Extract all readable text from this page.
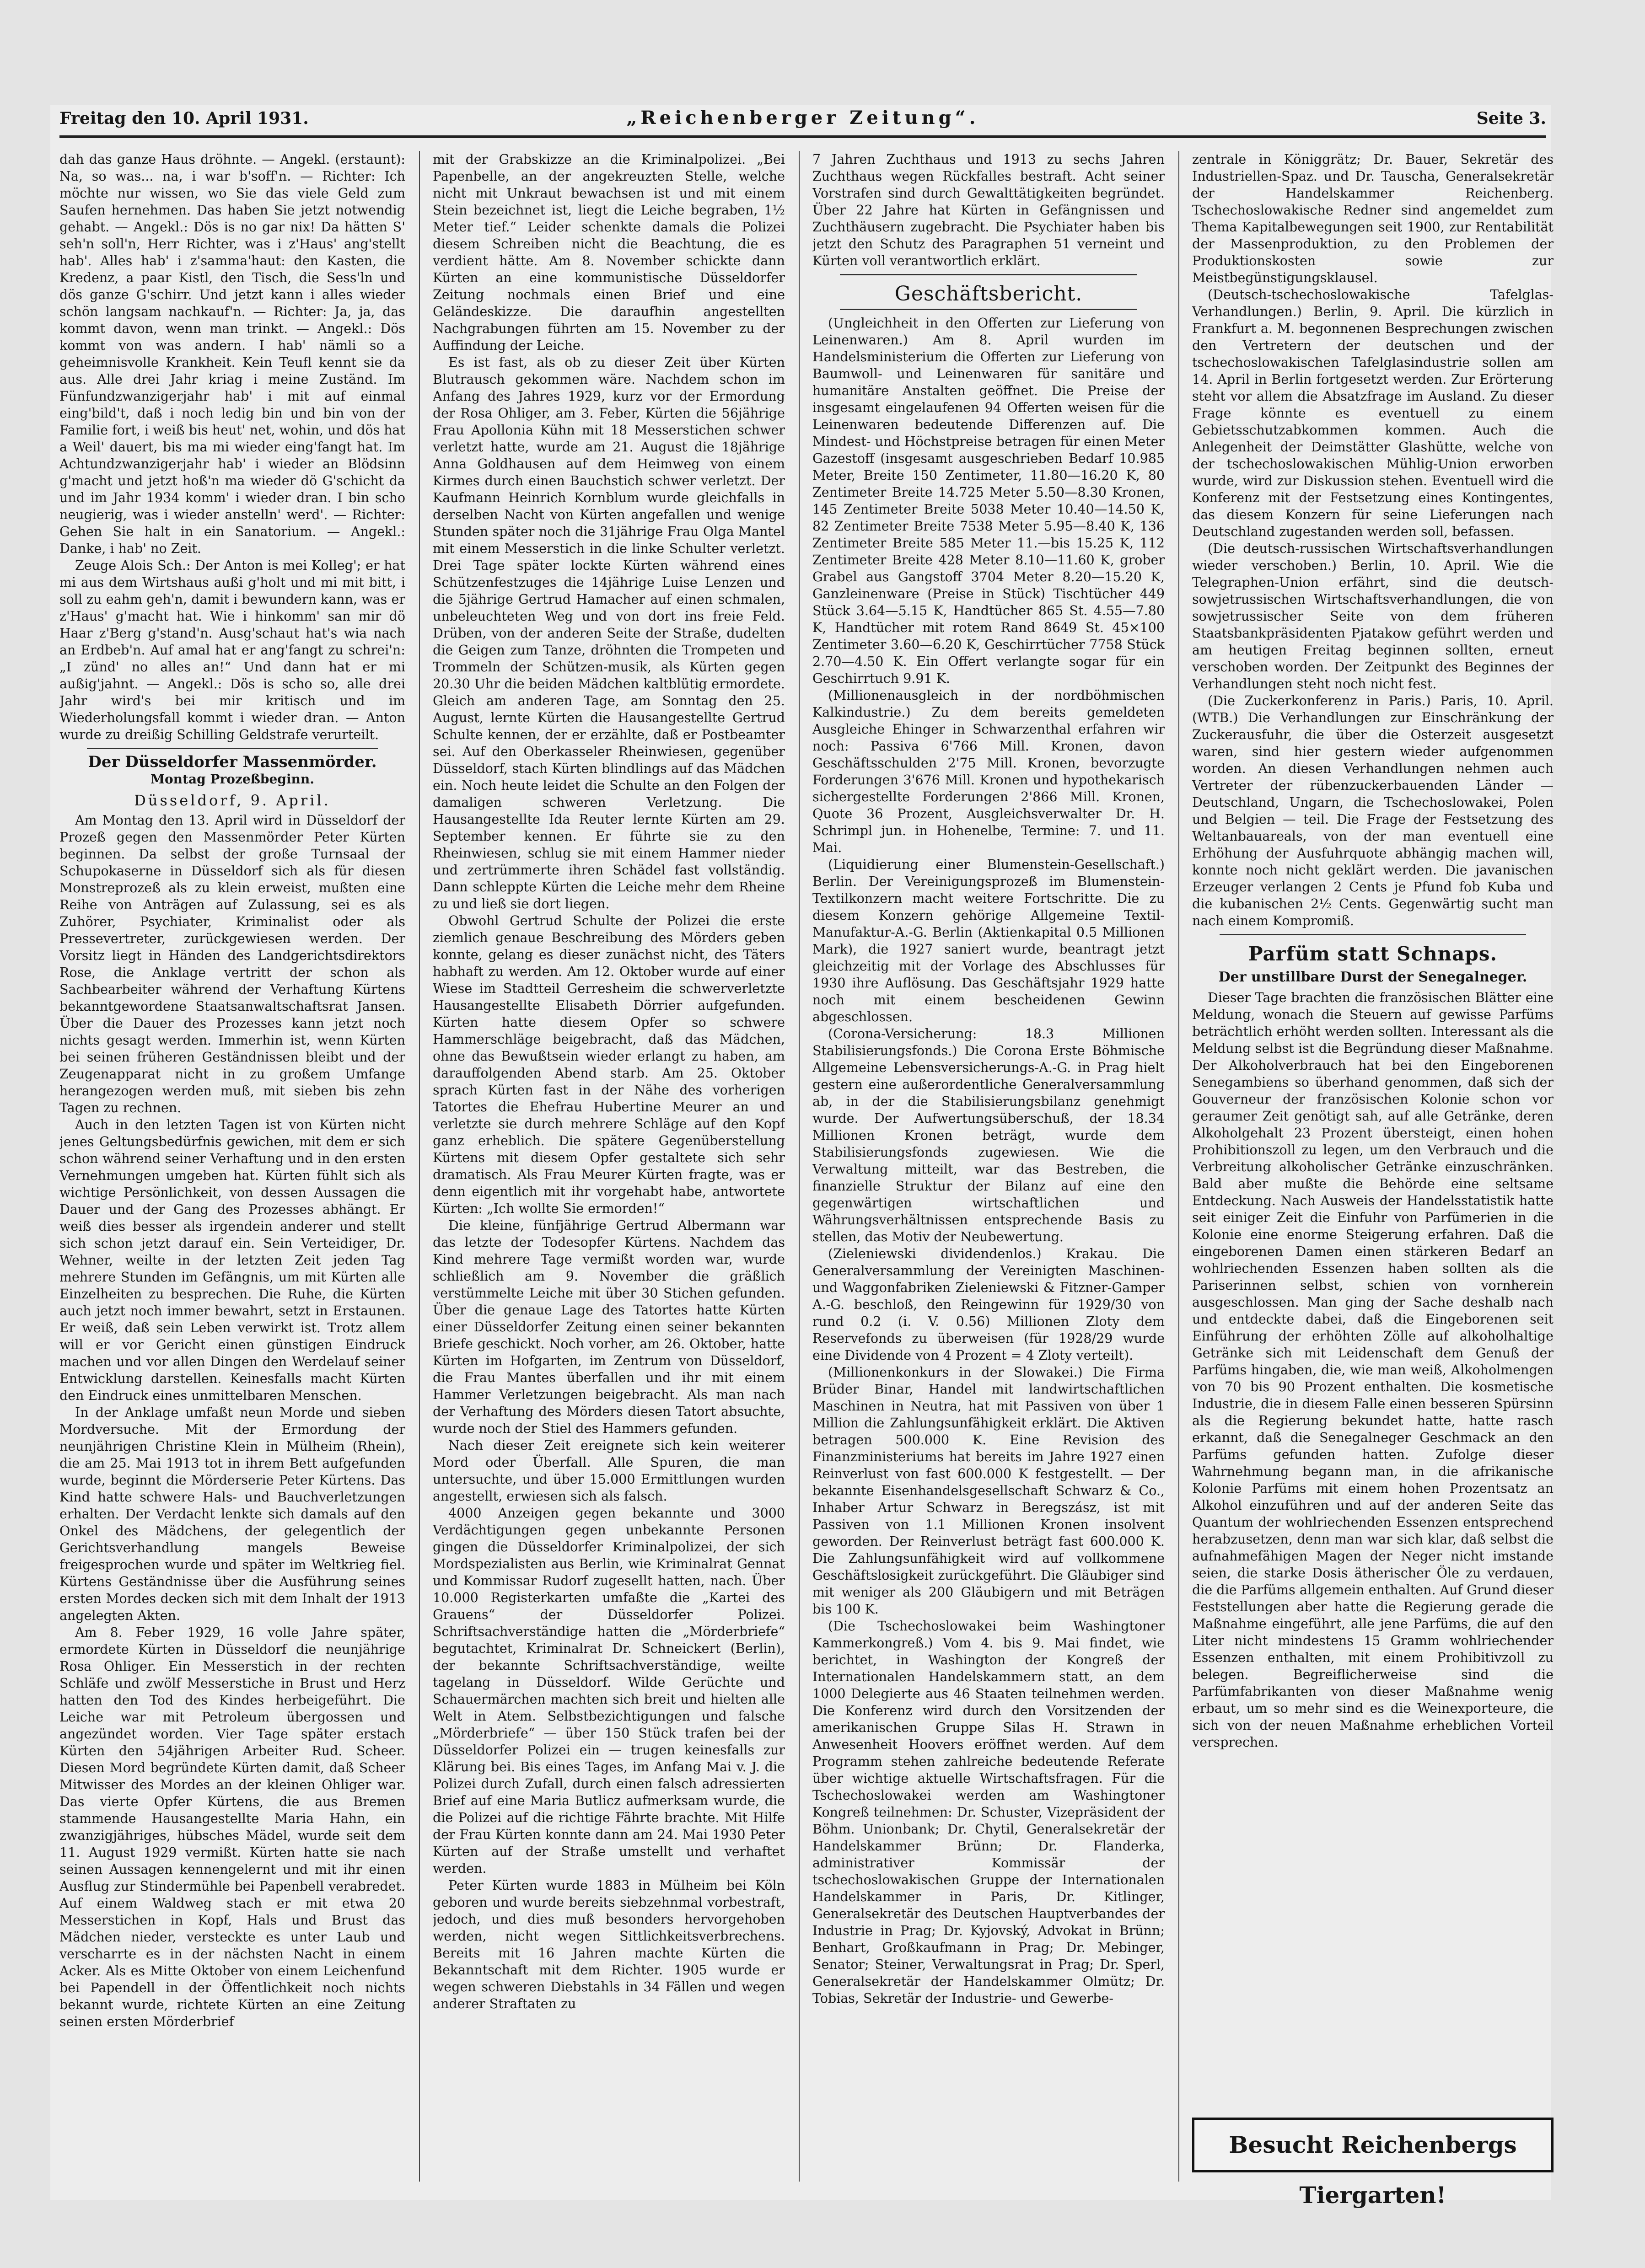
Freitag den 10. April 1931.	„Reichenberger Zeitung“.	Seite 3.

dah das ganze Haus dröhnte. — Angekl. (erstaunt): Na, so was... na, i war b'soff'n. — Richter: Ich möchte nur wissen, wo Sie das viele Geld zum Saufen hernehmen. Das haben Sie jetzt notwendig gehabt. — Angekl.: Dös is no gar nix! Da hätten S' seh'n soll'n, Herr Richter, was i z'Haus' ang'stellt hab'. Alles hab' i z'samma'haut: den Kasten, die Kredenz, a paar Kistl, den Tisch, die Sess'ln und dös ganze G'schirr. Und jetzt kann i alles wieder schön langsam nachkauf'n. — Richter: Ja, ja, das kommt davon, wenn man trinkt. — Angekl.: Dös kommt von was andern. I hab' nämli so a geheimnisvolle Krankheit. Kein Teufl kennt sie da aus. Alle drei Jahr kriag i meine Zuständ. Im Fünfundzwanzigerjahr hab' i mit auf einmal eing'bild't, daß i noch ledig bin und bin von der Familie fort, i weiß bis heut' net, wohin, und dös hat a Weil' dauert, bis ma mi wieder eing'fangt hat. Im Achtundzwanzigerjahr hab' i wieder an Blödsinn g'macht und jetzt hoß'n ma wieder dö G'schicht da und im Jahr 1934 komm' i wieder dran. I bin scho neugierig, was i wieder anstelln' werd'. — Richter: Gehen Sie halt in ein Sanatorium. — Angekl.: Danke, i hab' no Zeit.

Zeuge Alois Sch.: Der Anton is mei Kolleg'; er hat mi aus dem Wirtshaus außi g'holt und mi mit bitt, i soll zu eahm geh'n, damit i bewundern kann, was er z'Haus' g'macht hat. Wie i hinkomm' san mir dö Haar z'Berg g'stand'n. Ausg'schaut hat's wia nach an Erdbeb'n. Auf amal hat er ang'fangt zu schrei'n: „I zünd' no alles an!“ Und dann hat er mi außig'jahnt. — Angekl.: Dös is scho so, alle drei Jahr wird's bei mir kritisch und im Wiederholungsfall kommt i wieder dran. — Anton wurde zu dreißig Schilling Geldstrafe verurteilt.

Der Düsseldorfer Massenmörder.

Montag Prozeßbeginn.
Düsseldorf, 9. April.

Am Montag den 13. April wird in Düsseldorf der Prozeß gegen den Massenmörder Peter Kürten beginnen. Da selbst der große Turnsaal der Schupokaserne in Düsseldorf sich als für diesen Monstreprozeß als zu klein erweist, mußten eine Reihe von Anträgen auf Zulassung, sei es als Zuhörer, Psychiater, Kriminalist oder als Pressevertreter, zurückgewiesen werden. Der Vorsitz liegt in Händen des Landgerichtsdirektors Rose, die Anklage vertritt der schon als Sachbearbeiter während der Verhaftung Kürtens bekanntgewordene Staatsanwaltschaftsrat Jansen. Über die Dauer des Prozesses kann jetzt noch nichts gesagt werden. Immerhin ist, wenn Kürten bei seinen früheren Geständnissen bleibt und der Zeugenapparat nicht in zu großem Umfange herangezogen werden muß, mit sieben bis zehn Tagen zu rechnen.

Auch in den letzten Tagen ist von Kürten nicht jenes Geltungsbedürfnis gewichen, mit dem er sich schon während seiner Verhaftung und in den ersten Vernehmungen umgeben hat. Kürten fühlt sich als wichtige Persönlichkeit, von dessen Aussagen die Dauer und der Gang des Prozesses abhängt. Er weiß dies besser als irgendein anderer und stellt sich schon jetzt darauf ein. Sein Verteidiger, Dr. Wehner, weilte in der letzten Zeit jeden Tag mehrere Stunden im Gefängnis, um mit Kürten alle Einzelheiten zu besprechen. Die Ruhe, die Kürten auch jetzt noch immer bewahrt, setzt in Erstaunen. Er weiß, daß sein Leben verwirkt ist. Trotz allem will er vor Gericht einen günstigen Eindruck machen und vor allen Dingen den Werdelauf seiner Entwicklung darstellen. Keinesfalls macht Kürten den Eindruck eines unmittelbaren Menschen.

In der Anklage umfaßt neun Morde und sieben Mordversuche. Mit der Ermordung der neunjährigen Christine Klein in Mülheim (Rhein), die am 25. Mai 1913 tot in ihrem Bett aufgefunden wurde, beginnt die Mörderserie Peter Kürtens. Das Kind hatte schwere Hals- und Bauchverletzungen erhalten. Der Verdacht lenkte sich damals auf den Onkel des Mädchens, der gelegentlich der Gerichtsverhandlung mangels Beweise freigesprochen wurde und später im Weltkrieg fiel. Kürtens Geständnisse über die Ausführung seines ersten Mordes decken sich mit dem Inhalt der 1913 angelegten Akten.

Am 8. Feber 1929, 16 volle Jahre später, ermordete Kürten in Düsseldorf die neunjährige Rosa Ohliger. Ein Messerstich in der rechten Schläfe und zwölf Messerstiche in Brust und Herz hatten den Tod des Kindes herbeigeführt. Die Leiche war mit Petroleum übergossen und angezündet worden. Vier Tage später erstach Kürten den 54jährigen Arbeiter Rud. Scheer. Diesen Mord begründete Kürten damit, daß Scheer Mitwisser des Mordes an der kleinen Ohliger war. Das vierte Opfer Kürtens, die aus Bremen stammende Hausangestellte Maria Hahn, ein zwanzigjähriges, hübsches Mädel, wurde seit dem 11. August 1929 vermißt. Kürten hatte sie nach seinen Aussagen kennengelernt und mit ihr einen Ausflug zur Stindermühle bei Papenbell verabredet. Auf einem Waldweg stach er mit etwa 20 Messerstichen in Kopf, Hals und Brust das Mädchen nieder, versteckte es unter Laub und verscharrte es in der nächsten Nacht in einem Acker. Als es Mitte Oktober von einem Leichenfund bei Papendell in der Öffentlichkeit noch nichts bekannt wurde, richtete Kürten an eine Zeitung seinen ersten Mörderbrief

mit der Grabskizze an die Kriminalpolizei. „Bei Papenbelle, an der angekreuzten Stelle, welche nicht mit Unkraut bewachsen ist und mit einem Stein bezeichnet ist, liegt die Leiche begraben, 1½ Meter tief.“ Leider schenkte damals die Polizei diesem Schreiben nicht die Beachtung, die es verdient hätte. Am 8. November schickte dann Kürten an eine kommunistische Düsseldorfer Zeitung nochmals einen Brief und eine Geländeskizze. Die daraufhin angestellten Nachgrabungen führten am 15. November zu der Auffindung der Leiche.

Es ist fast, als ob zu dieser Zeit über Kürten Blutrausch gekommen wäre. Nachdem schon im Anfang des Jahres 1929, kurz vor der Ermordung der Rosa Ohliger, am 3. Feber, Kürten die 56jährige Frau Apollonia Kühn mit 18 Messerstichen schwer verletzt hatte, wurde am 21. August die 18jährige Anna Goldhausen auf dem Heimweg von einem Kirmes durch einen Bauchstich schwer verletzt. Der Kaufmann Heinrich Kornblum wurde gleichfalls in derselben Nacht von Kürten angefallen und wenige Stunden später noch die 31jährige Frau Olga Mantel mit einem Messerstich in die linke Schulter verletzt. Drei Tage später lockte Kürten während eines Schützenfestzuges die 14jährige Luise Lenzen und die 5jährige Gertrud Hamacher auf einen schmalen, unbeleuchteten Weg und von dort ins freie Feld. Drüben, von der anderen Seite der Straße, dudelten die Geigen zum Tanze, dröhnten die Trompeten und Trommeln der Schützen-musik, als Kürten gegen 20.30 Uhr die beiden Mädchen kaltblütig ermordete. Gleich am anderen Tage, am Sonntag den 25. August, lernte Kürten die Hausangestellte Gertrud Schulte kennen, der er erzählte, daß er Postbeamter sei. Auf den Oberkasseler Rheinwiesen, gegenüber Düsseldorf, stach Kürten blindlings auf das Mädchen ein. Noch heute leidet die Schulte an den Folgen der damaligen schweren Verletzung. Die Hausangestellte Ida Reuter lernte Kürten am 29. September kennen. Er führte sie zu den Rheinwiesen, schlug sie mit einem Hammer nieder und zertrümmerte ihren Schädel fast vollständig. Dann schleppte Kürten die Leiche mehr dem Rheine zu und ließ sie dort liegen.

Obwohl Gertrud Schulte der Polizei die erste ziemlich genaue Beschreibung des Mörders geben konnte, gelang es dieser zunächst nicht, des Täters habhaft zu werden. Am 12. Oktober wurde auf einer Wiese im Stadtteil Gerresheim die schwerverletzte Hausangestellte Elisabeth Dörrier aufgefunden. Kürten hatte diesem Opfer so schwere Hammerschläge beigebracht, daß das Mädchen, ohne das Bewußtsein wieder erlangt zu haben, am darauffolgenden Abend starb. Am 25. Oktober sprach Kürten fast in der Nähe des vorherigen Tatortes die Ehefrau Hubertine Meurer an und verletzte sie durch mehrere Schläge auf den Kopf ganz erheblich. Die spätere Gegenüberstellung Kürtens mit diesem Opfer gestaltete sich sehr dramatisch. Als Frau Meurer Kürten fragte, was er denn eigentlich mit ihr vorgehabt habe, antwortete Kürten: „Ich wollte Sie ermorden!“

Die kleine, fünfjährige Gertrud Albermann war das letzte der Todesopfer Kürtens. Nachdem das Kind mehrere Tage vermißt worden war, wurde schließlich am 9. November die gräßlich verstümmelte Leiche mit über 30 Stichen gefunden. Über die genaue Lage des Tatortes hatte Kürten einer Düsseldorfer Zeitung einen seiner bekannten Briefe geschickt. Noch vorher, am 26. Oktober, hatte Kürten im Hofgarten, im Zentrum von Düsseldorf, die Frau Mantes überfallen und ihr mit einem Hammer Verletzungen beigebracht. Als man nach der Verhaftung des Mörders diesen Tatort absuchte, wurde noch der Stiel des Hammers gefunden.

Nach dieser Zeit ereignete sich kein weiterer Mord oder Überfall. Alle Spuren, die man untersuchte, und über 15.000 Ermittlungen wurden angestellt, erwiesen sich als falsch.

4000 Anzeigen gegen bekannte und 3000 Verdächtigungen gegen unbekannte Personen gingen die Düsseldorfer Kriminalpolizei, der sich Mordspezialisten aus Berlin, wie Kriminalrat Gennat und Kommissar Rudorf zugesellt hatten, nach. Über 10.000 Registerkarten umfaßte die „Kartei des Grauens“ der Düsseldorfer Polizei. Schriftsachverständige hatten die „Mörderbriefe“ begutachtet, Kriminalrat Dr. Schneickert (Berlin), der bekannte Schriftsachverständige, weilte tagelang in Düsseldorf. Wilde Gerüchte und Schauermärchen machten sich breit und hielten alle Welt in Atem. Selbstbezichtigungen und falsche „Mörderbriefe“ — über 150 Stück trafen bei der Düsseldorfer Polizei ein — trugen keinesfalls zur Klärung bei. Bis eines Tages, im Anfang Mai v. J. die Polizei durch Zufall, durch einen falsch adressierten Brief auf eine Maria Butlicz aufmerksam wurde, die die Polizei auf die richtige Fährte brachte. Mit Hilfe der Frau Kürten konnte dann am 24. Mai 1930 Peter Kürten auf der Straße umstellt und verhaftet werden.

Peter Kürten wurde 1883 in Mülheim bei Köln geboren und wurde bereits siebzehnmal vorbestraft, jedoch, und dies muß besonders hervorgehoben werden, nicht wegen Sittlichkeitsverbrechens. Bereits mit 16 Jahren machte Kürten die Bekanntschaft mit dem Richter. 1905 wurde er wegen schweren Diebstahls in 34 Fällen und wegen anderer Straftaten zu

7 Jahren Zuchthaus und 1913 zu sechs Jahren Zuchthaus wegen Rückfalles bestraft. Acht seiner Vorstrafen sind durch Gewalttätigkeiten begründet. Über 22 Jahre hat Kürten in Gefängnissen und Zuchthäusern zugebracht. Die Psychiater haben bis jetzt den Schutz des Paragraphen 51 verneint und Kürten voll verantwortlich erklärt.

Geschäftsbericht.

(Ungleichheit in den Offerten zur Lieferung von Leinenwaren.) Am 8. April wurden im Handelsministerium die Offerten zur Lieferung von Baumwoll- und Leinenwaren für sanitäre und humanitäre Anstalten geöffnet. Die Preise der insgesamt eingelaufenen 94 Offerten weisen für die Leinenwaren bedeutende Differenzen auf. Die Mindest- und Höchstpreise betragen für einen Meter Gazestoff (insgesamt ausgeschrieben Bedarf 10.985 Meter, Breite 150 Zentimeter, 11.80—16.20 K, 80 Zentimeter Breite 14.725 Meter 5.50—8.30 Kronen, 145 Zentimeter Breite 5038 Meter 10.40—14.50 K, 82 Zentimeter Breite 7538 Meter 5.95—8.40 K, 136 Zentimeter Breite 585 Meter 11.—bis 15.25 K, 112 Zentimeter Breite 428 Meter 8.10—11.60 K, grober Grabel aus Gangstoff 3704 Meter 8.20—15.20 K, Ganzleinenware (Preise in Stück) Tischtücher 449 Stück 3.64—5.15 K, Handtücher 865 St. 4.55—7.80 K, Handtücher mit rotem Rand 8649 St. 45×100 Zentimeter 3.60—6.20 K, Geschirrtücher 7758 Stück 2.70—4.50 K. Ein Offert verlangte sogar für ein Geschirrtuch 9.91 K.

(Millionenausgleich in der nordböhmischen Kalkindustrie.) Zu dem bereits gemeldeten Ausgleiche Ehinger in Schwarzenthal erfahren wir noch: Passiva 6'766 Mill. Kronen, davon Geschäftsschulden 2'75 Mill. Kronen, bevorzugte Forderungen 3'676 Mill. Kronen und hypothekarisch sichergestellte Forderungen 2'866 Mill. Kronen, Quote 36 Prozent, Ausgleichsverwalter Dr. H. Schrimpl jun. in Hohenelbe, Termine: 7. und 11. Mai.

(Liquidierung einer Blumenstein-Gesellschaft.) Berlin. Der Vereinigungsprozeß im Blumenstein-Textilkonzern macht weitere Fortschritte. Die zu diesem Konzern gehörige Allgemeine Textil-Manufaktur-A.-G. Berlin (Aktienkapital 0.5 Millionen Mark), die 1927 saniert wurde, beantragt jetzt gleichzeitig mit der Vorlage des Abschlusses für 1930 ihre Auflösung. Das Geschäftsjahr 1929 hatte noch mit einem bescheidenen Gewinn abgeschlossen.

(Corona-Versicherung: 18.3 Millionen Stabilisierungsfonds.) Die Corona Erste Böhmische Allgemeine Lebensversicherungs-A.-G. in Prag hielt gestern eine außerordentliche Generalversammlung ab, in der die Stabilisierungsbilanz genehmigt wurde. Der Aufwertungsüberschuß, der 18.34 Millionen Kronen beträgt, wurde dem Stabilisierungsfonds zugewiesen. Wie die Verwaltung mitteilt, war das Bestreben, die finanzielle Struktur der Bilanz auf eine den gegenwärtigen wirtschaftlichen und Währungsverhältnissen entsprechende Basis zu stellen, das Motiv der Neubewertung.

(Zieleniewski dividendenlos.) Krakau. Die Generalversammlung der Vereinigten Maschinen- und Waggonfabriken Zieleniewski & Fitzner-Gamper A.-G. beschloß, den Reingewinn für 1929/30 von rund 0.2 (i. V. 0.56) Millionen Zloty dem Reservefonds zu überweisen (für 1928/29 wurde eine Dividende von 4 Prozent = 4 Zloty verteilt).

(Millionenkonkurs in der Slowakei.) Die Firma Brüder Binar, Handel mit landwirtschaftlichen Maschinen in Neutra, hat mit Passiven von über 1 Million die Zahlungsunfähigkeit erklärt. Die Aktiven betragen 500.000 K. Eine Revision des Finanzministeriums hat bereits im Jahre 1927 einen Reinverlust von fast 600.000 K festgestellt. — Der bekannte Eisenhandelsgesellschaft Schwarz & Co., Inhaber Artur Schwarz in Beregszász, ist mit Passiven von 1.1 Millionen Kronen insolvent geworden. Der Reinverlust beträgt fast 600.000 K. Die Zahlungsunfähigkeit wird auf vollkommene Geschäftslosigkeit zurückgeführt. Die Gläubiger sind mit weniger als 200 Gläubigern und mit Beträgen bis 100 K.

(Die Tschechoslowakei beim Washingtoner Kammerkongreß.) Vom 4. bis 9. Mai findet, wie berichtet, in Washington der Kongreß der Internationalen Handelskammern statt, an dem 1000 Delegierte aus 46 Staaten teilnehmen werden. Die Konferenz wird durch den Vorsitzenden der amerikanischen Gruppe Silas H. Strawn in Anwesenheit Hoovers eröffnet werden. Auf dem Programm stehen zahlreiche bedeutende Referate über wichtige aktuelle Wirtschaftsfragen. Für die Tschechoslowakei werden am Washingtoner Kongreß teilnehmen: Dr. Schuster, Vizepräsident der Böhm. Unionbank; Dr. Chytil, Generalsekretär der Handelskammer Brünn; Dr. Flanderka, administrativer Kommissär der tschechoslowakischen Gruppe der Internationalen Handelskammer in Paris, Dr. Kitlinger, Generalsekretär des Deutschen Hauptverbandes der Industrie in Prag; Dr. Kyjovský, Advokat in Brünn; Benhart, Großkaufmann in Prag; Dr. Mebinger, Senator; Steiner, Verwaltungsrat in Prag; Dr. Sperl, Generalsekretär der Handelskammer Olmütz; Dr. Tobias, Sekretär der Industrie- und Gewerbe-

zentrale in Königgrätz; Dr. Bauer, Sekretär des Industriellen-Spaz. und Dr. Tauscha, Generalsekretär der Handelskammer Reichenberg. Tschechoslowakische Redner sind angemeldet zum Thema Kapitalbewegungen seit 1900, zur Rentabilität der Massenproduktion, zu den Problemen der Produktionskosten sowie zur Meistbegünstigungsklausel.

(Deutsch-tschechoslowakische Tafelglas-Verhandlungen.) Berlin, 9. April. Die kürzlich in Frankfurt a. M. begonnenen Besprechungen zwischen den Vertretern der deutschen und der tschechoslowakischen Tafelglasindustrie sollen am 14. April in Berlin fortgesetzt werden. Zur Erörterung steht vor allem die Absatzfrage im Ausland. Zu dieser Frage könnte es eventuell zu einem Gebietsschutzabkommen kommen. Auch die Anlegenheit der Deimstätter Glashütte, welche von der tschechoslowakischen Mühlig-Union erworben wurde, wird zur Diskussion stehen. Eventuell wird die Konferenz mit der Festsetzung eines Kontingentes, das diesem Konzern für seine Lieferungen nach Deutschland zugestanden werden soll, befassen.

(Die deutsch-russischen Wirtschaftsverhandlungen wieder verschoben.) Berlin, 10. April. Wie die Telegraphen-Union erfährt, sind die deutsch-sowjetrussischen Wirtschaftsverhandlungen, die von sowjetrussischer Seite von dem früheren Staatsbankpräsidenten Pjatakow geführt werden und am heutigen Freitag beginnen sollten, erneut verschoben worden. Der Zeitpunkt des Beginnes der Verhandlungen steht noch nicht fest.

(Die Zuckerkonferenz in Paris.) Paris, 10. April. (WTB.) Die Verhandlungen zur Einschränkung der Zuckerausfuhr, die über die Osterzeit ausgesetzt waren, sind hier gestern wieder aufgenommen worden. An diesen Verhandlungen nehmen auch Vertreter der rübenzuckerbauenden Länder — Deutschland, Ungarn, die Tschechoslowakei, Polen und Belgien — teil. Die Frage der Festsetzung des Weltanbauareals, von der man eventuell eine Erhöhung der Ausfuhrquote abhängig machen will, konnte noch nicht geklärt werden. Die javanischen Erzeuger verlangen 2 Cents je Pfund fob Kuba und die kubanischen 2½ Cents. Gegenwärtig sucht man nach einem Kompromiß.

Parfüm statt Schnaps.
Der unstillbare Durst der Senegalneger.

Dieser Tage brachten die französischen Blätter eine Meldung, wonach die Steuern auf gewisse Parfüms beträchtlich erhöht werden sollten. Interessant als die Meldung selbst ist die Begründung dieser Maßnahme. Der Alkoholverbrauch hat bei den Eingeborenen Senegambiens so überhand genommen, daß sich der Gouverneur der französischen Kolonie schon vor geraumer Zeit genötigt sah, auf alle Getränke, deren Alkoholgehalt 23 Prozent übersteigt, einen hohen Prohibitionszoll zu legen, um den Verbrauch und die Verbreitung alkoholischer Getränke einzuschränken. Bald aber mußte die Behörde eine seltsame Entdeckung. Nach Ausweis der Handelsstatistik hatte seit einiger Zeit die Einfuhr von Parfümerien in die Kolonie eine enorme Steigerung erfahren. Daß die eingeborenen Damen einen stärkeren Bedarf an wohlriechenden Essenzen haben sollten als die Pariserinnen selbst, schien von vornherein ausgeschlossen. Man ging der Sache deshalb nach und entdeckte dabei, daß die Eingeborenen seit Einführung der erhöhten Zölle auf alkoholhaltige Getränke sich mit Leidenschaft dem Genuß der Parfüms hingaben, die, wie man weiß, Alkoholmengen von 70 bis 90 Prozent enthalten. Die kosmetische Industrie, die in diesem Falle einen besseren Spürsinn als die Regierung bekundet hatte, hatte rasch erkannt, daß die Senegalneger Geschmack an den Parfüms gefunden hatten. Zufolge dieser Wahrnehmung begann man, in die afrikanische Kolonie Parfüms mit einem hohen Prozentsatz an Alkohol einzuführen und auf der anderen Seite das Quantum der wohlriechenden Essenzen entsprechend herabzusetzen, denn man war sich klar, daß selbst die aufnahmefähigen Magen der Neger nicht imstande seien, die starke Dosis ätherischer Öle zu verdauen, die die Parfüms allgemein enthalten. Auf Grund dieser Feststellungen aber hatte die Regierung gerade die Maßnahme eingeführt, alle jene Parfüms, die auf den Liter nicht mindestens 15 Gramm wohlriechender Essenzen enthalten, mit einem Prohibitivzoll zu belegen. Begreiflicherweise sind die Parfümfabrikanten von dieser Maßnahme wenig erbaut, um so mehr sind es die Weinexporteure, die sich von der neuen Maßnahme erheblichen Vorteil versprechen.

Besucht Reichenbergs Tiergarten!
